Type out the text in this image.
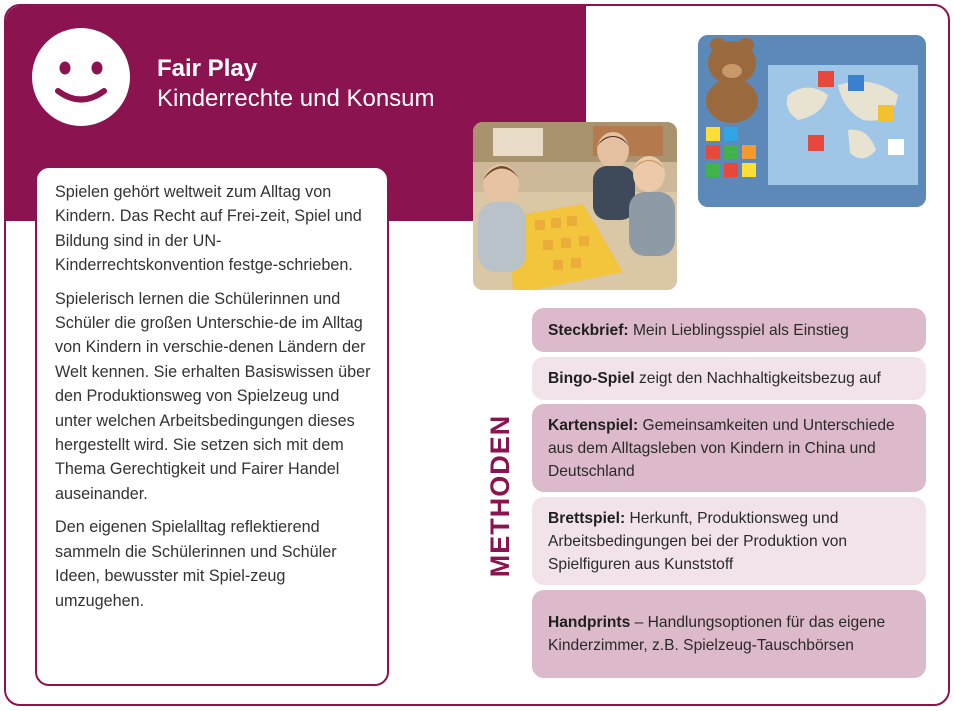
Fair Play
Kinderrechte und Konsum

Spielen gehört weltweit zum Alltag von Kindern. Das Recht auf Frei-zeit, Spiel und Bildung sind in der UN-Kinderrechtskonvention festge-schrieben.

Spielerisch lernen die Schülerinnen und Schüler die großen Unterschie-de im Alltag von Kindern in verschie-denen Ländern der Welt kennen. Sie erhalten Basiswissen über den Produktionsweg von Spielzeug und unter welchen Arbeitsbedingungen dieses hergestellt wird. Sie setzen sich mit dem Thema Gerechtigkeit und Fairer Handel auseinander.

Den eigenen Spielalltag reflektierend sammeln die Schülerinnen und Schüler Ideen, bewusster mit Spiel-zeug umzugehen.

METHODEN
Steckbrief: Mein Lieblingsspiel als Einstieg
Bingo-Spiel zeigt den Nachhaltigkeitsbezug auf
Kartenspiel: Gemeinsamkeiten und Unterschiede aus dem Alltagsleben von Kindern in China und Deutschland
Brettspiel: Herkunft, Produktionsweg und Arbeitsbedingungen bei der Produktion von Spielfiguren aus Kunststoff
Handprints – Handlungsoptionen für das eigene Kinderzimmer, z.B. Spielzeug-Tauschbörsen
